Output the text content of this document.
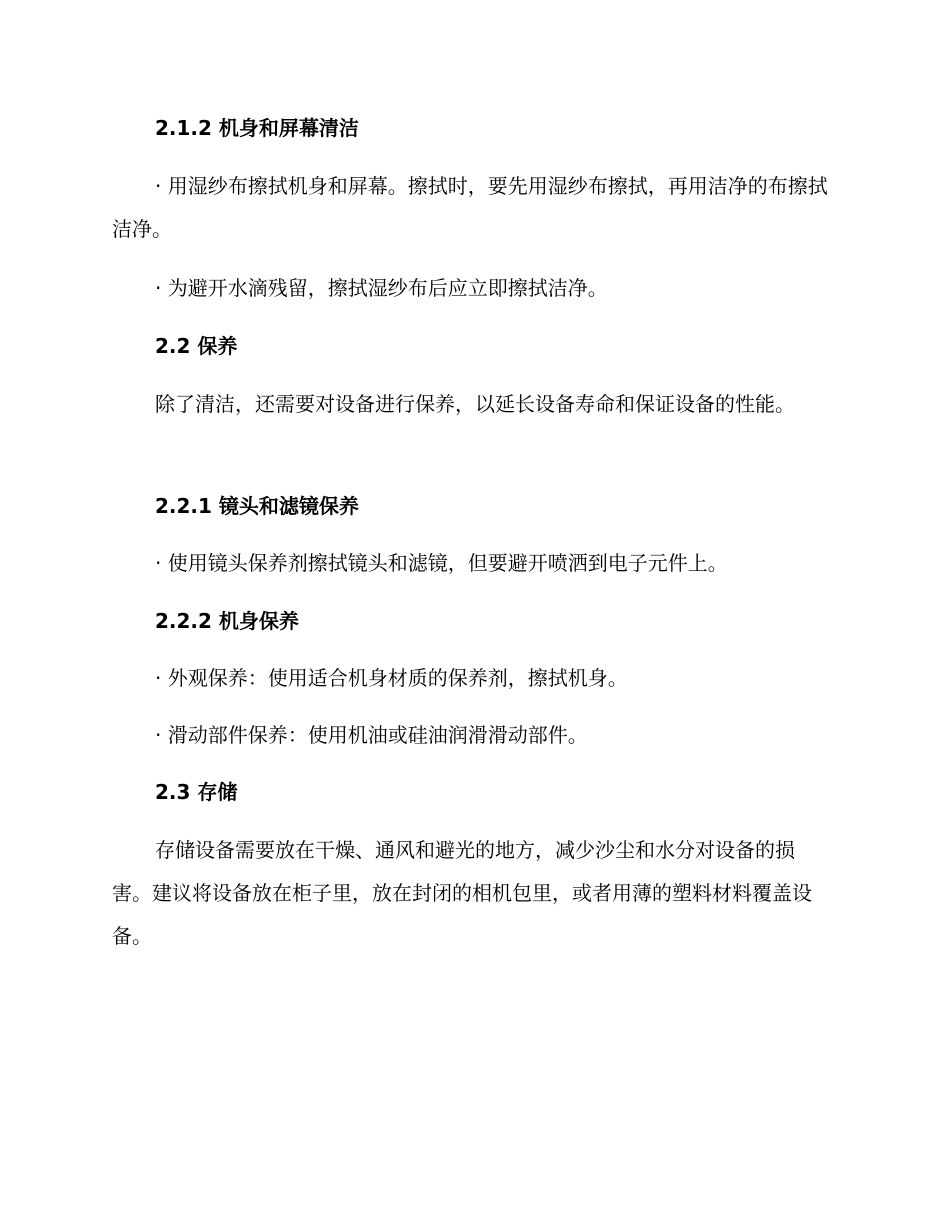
2.1.2 机身和屏幕清洁

· 用湿纱布擦拭机身和屏幕。擦拭时，要先用湿纱布擦拭，再用洁净的布擦拭洁净。

· 为避开水滴残留，擦拭湿纱布后应立即擦拭洁净。

2.2 保养

除了清洁，还需要对设备进行保养，以延长设备寿命和保证设备的性能。

2.2.1 镜头和滤镜保养

· 使用镜头保养剂擦拭镜头和滤镜，但要避开喷洒到电子元件上。

2.2.2 机身保养

· 外观保养：使用适合机身材质的保养剂，擦拭机身。

· 滑动部件保养：使用机油或硅油润滑滑动部件。

2.3 存储

存储设备需要放在干燥、通风和避光的地方，减少沙尘和水分对设备的损害。建议将设备放在柜子里，放在封闭的相机包里，或者用薄的塑料材料覆盖设备。
